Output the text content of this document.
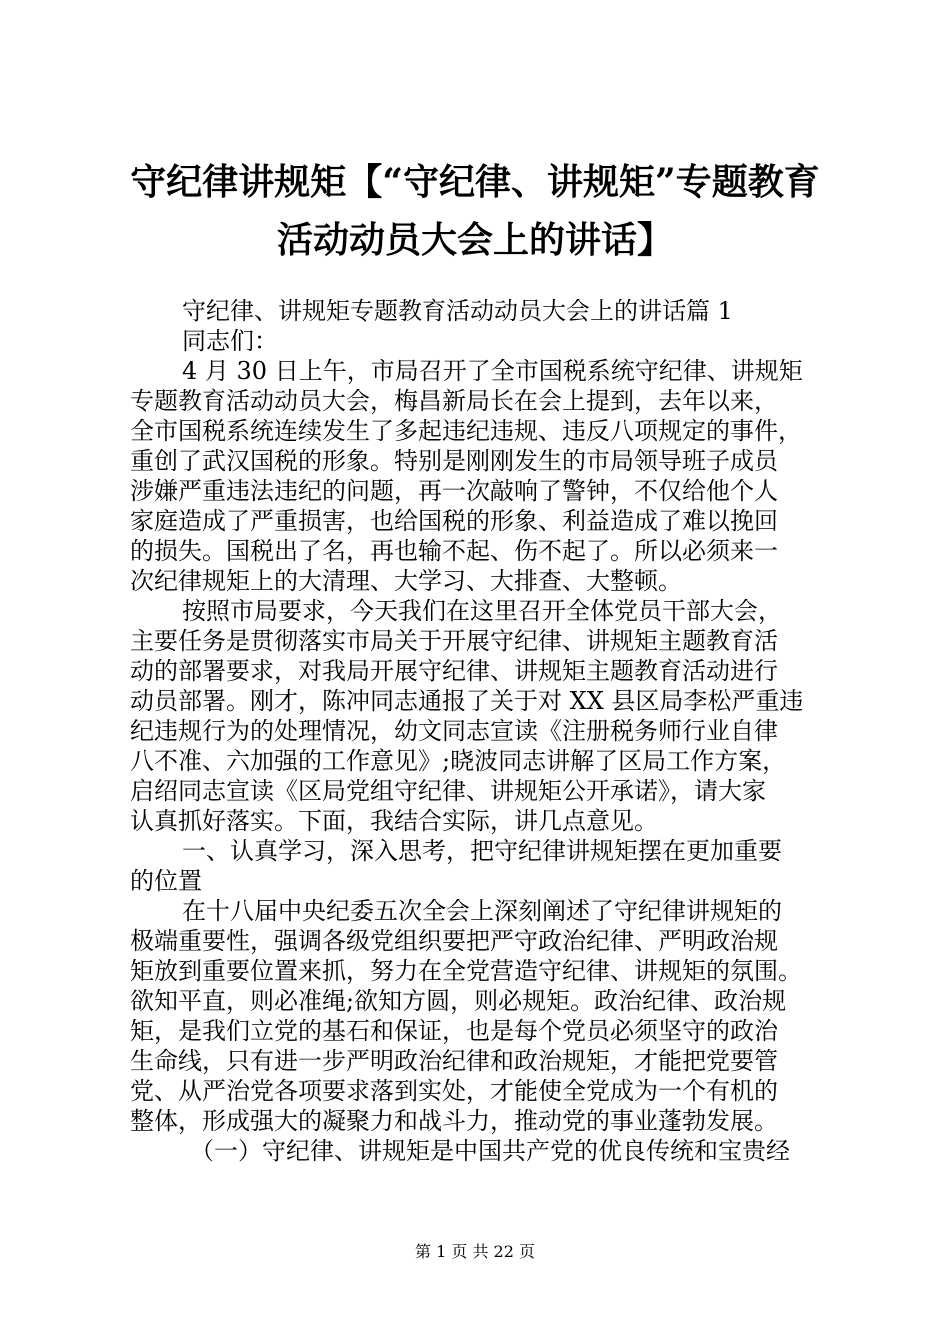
守纪律讲规矩【“守纪律、讲规矩”专题教育
活动动员大会上的讲话】
守纪律、讲规矩专题教育活动动员大会上的讲话篇 1
同志们：
4 月 30 日上午，市局召开了全市国税系统守纪律、讲规矩
专题教育活动动员大会，梅昌新局长在会上提到，去年以来，
全市国税系统连续发生了多起违纪违规、违反八项规定的事件，
重创了武汉国税的形象。特别是刚刚发生的市局领导班子成员
涉嫌严重违法违纪的问题，再一次敲响了警钟，不仅给他个人
家庭造成了严重损害，也给国税的形象、利益造成了难以挽回
的损失。国税出了名，再也输不起、伤不起了。所以必须来一
次纪律规矩上的大清理、大学习、大排查、大整顿。
按照市局要求，今天我们在这里召开全体党员干部大会，
主要任务是贯彻落实市局关于开展守纪律、讲规矩主题教育活
动的部署要求，对我局开展守纪律、讲规矩主题教育活动进行
动员部署。刚才，陈冲同志通报了关于对 XX 县区局李松严重违
纪违规行为的处理情况，幼文同志宣读《注册税务师行业自律
八不准、六加强的工作意见》;晓波同志讲解了区局工作方案，
启绍同志宣读《区局党组守纪律、讲规矩公开承诺》，请大家
认真抓好落实。下面，我结合实际，讲几点意见。
一、认真学习，深入思考，把守纪律讲规矩摆在更加重要
的位置
在十八届中央纪委五次全会上深刻阐述了守纪律讲规矩的
极端重要性，强调各级党组织要把严守政治纪律、严明政治规
矩放到重要位置来抓，努力在全党营造守纪律、讲规矩的氛围。
欲知平直，则必准绳;欲知方圆，则必规矩。政治纪律、政治规
矩，是我们立党的基石和保证，也是每个党员必须坚守的政治
生命线，只有进一步严明政治纪律和政治规矩，才能把党要管
党、从严治党各项要求落到实处，才能使全党成为一个有机的
整体，形成强大的凝聚力和战斗力，推动党的事业蓬勃发展。
（一）守纪律、讲规矩是中国共产党的优良传统和宝贵经
第 1 页 共 22 页
